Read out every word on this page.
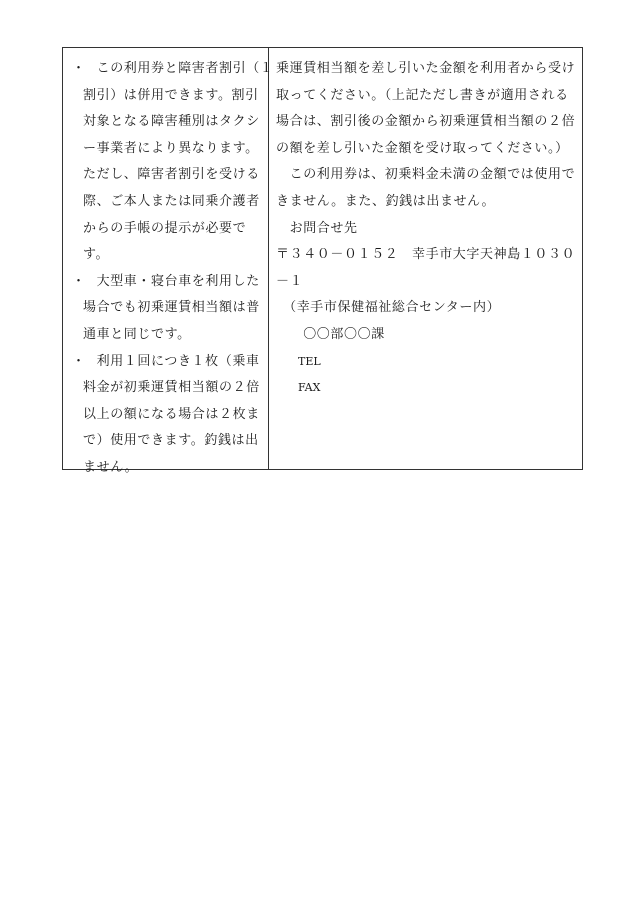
・
　この利用券と障害者割引（１
割引）は併用できます。割引
対象となる障害種別はタクシ
ー事業者により異なります。
ただし、障害者割引を受ける
際、ご本人または同乗介護者
からの手帳の提示が必要で
す。
・
　大型車・寝台車を利用した
場合でも初乗運賃相当額は普
通車と同じです。
・
　利用１回につき１枚（乗車
料金が初乗運賃相当額の２倍
以上の額になる場合は２枚ま
で）使用できます。釣銭は出
ません。
乗運賃相当額を差し引いた金額を利用者から受け
取ってください。（上記ただし書きが適用される
場合は、割引後の金額から初乗運賃相当額の２倍
の額を差し引いた金額を受け取ってください。）
　この利用券は、初乗料金未満の金額では使用で
きません。また、釣銭は出ません。
　お問合せ先
〒３４０－０１５２　幸手市大字天神島１０３０
－１
　（幸手市保健福祉総合センター内）
　　〇〇部〇〇課
　　TEL
　　FAX
